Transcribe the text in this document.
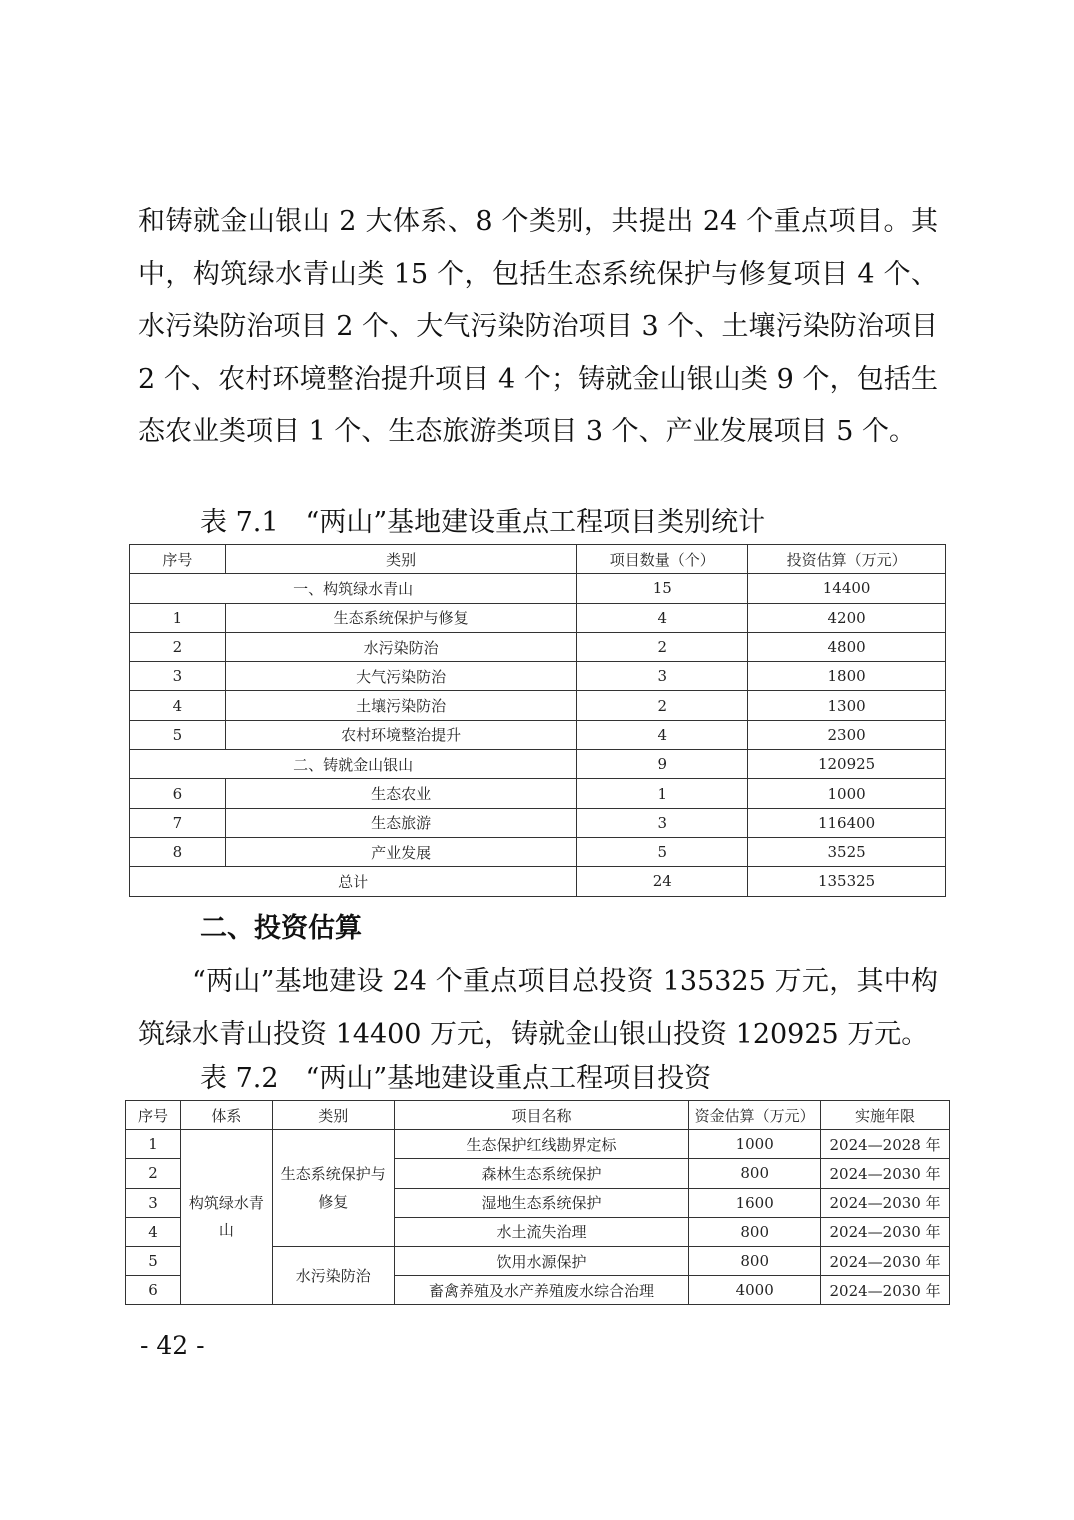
和铸就金山银山 2 大体系、8 个类别，共提出 24 个重点项目。其中，构筑绿水青山类 15 个，包括生态系统保护与修复项目 4 个、水污染防治项目 2 个、大气污染防治项目 3 个、土壤污染防治项目 2 个、农村环境整治提升项目 4 个；铸就金山银山类 9 个，包括生态农业类项目 1 个、生态旅游类项目 3 个、产业发展项目 5 个。

表 7.1　“两山”基地建设重点工程项目类别统计

序号	类别	项目数量（个）	投资估算（万元）
一、构筑绿水青山		15	14400
1	生态系统保护与修复	4	4200
2	水污染防治	2	4800
3	大气污染防治	3	1800
4	土壤污染防治	2	1300
5	农村环境整治提升	4	2300
二、铸就金山银山		9	120925
6	生态农业	1	1000
7	生态旅游	3	116400
8	产业发展	5	3525
总计		24	135325
二、投资估算

“两山”基地建设 24 个重点项目总投资 135325 万元，其中构筑绿水青山投资 14400 万元，铸就金山银山投资 120925 万元。

表 7.2　“两山”基地建设重点工程项目投资

序号	体系	类别	项目名称	资金估算（万元）	实施年限
1	构筑绿水青山	生态系统保护与修复	生态保护红线勘界定标	1000	2024—2028 年
2			森林生态系统保护	800	2024—2030 年
3			湿地生态系统保护	1600	2024—2030 年
4			水土流失治理	800	2024—2030 年
5		水污染防治	饮用水源保护	800	2024—2030 年
6			畜禽养殖及水产养殖废水综合治理	4000	2024—2030 年

- 42 -
